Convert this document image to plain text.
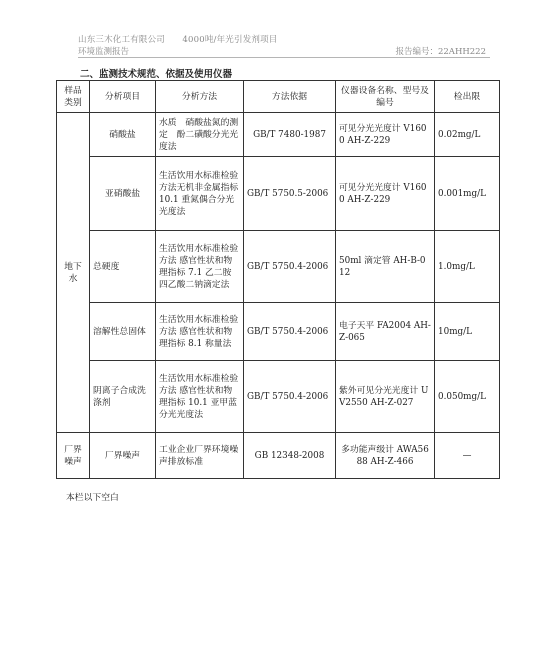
山东三木化工有限公司　　4000吨/年光引发剂项目
环境监测报告	报告编号：22AHH222
二、监测技术规范、依据及使用仪器
样品类别	分析项目	分析方法	方法依据	仪器设备名称、型号及编号	检出限
地下水	硝酸盐	水质　硝酸盐氮的测定　酚二磺酸分光光度法	GB/T 7480-1987	可见分光光度计 V1600 AH-Z-229	0.02mg/L
	亚硝酸盐	生活饮用水标准检验方法无机非金属指标 10.1 重氮偶合分光光度法	GB/T 5750.5-2006	可见分光光度计 V1600 AH-Z-229	0.001mg/L
	总硬度	生活饮用水标准检验方法 感官性状和物理指标 7.1 乙二胺四乙酸二钠滴定法	GB/T 5750.4-2006	50ml 滴定管 AH-B-012	1.0mg/L
	溶解性总固体	生活饮用水标准检验方法 感官性状和物理指标 8.1 称量法	GB/T 5750.4-2006	电子天平 FA2004 AH-Z-065	10mg/L
	阴离子合成洗涤剂	生活饮用水标准检验方法 感官性状和物理指标 10.1 亚甲蓝分光光度法	GB/T 5750.4-2006	紫外可见分光光度计 UV2550 AH-Z-027	0.050mg/L
厂界噪声	厂界噪声	工业企业厂界环境噪声排放标准	GB 12348-2008	多功能声级计 AWA5688 AH-Z-466	—
本栏以下空白
